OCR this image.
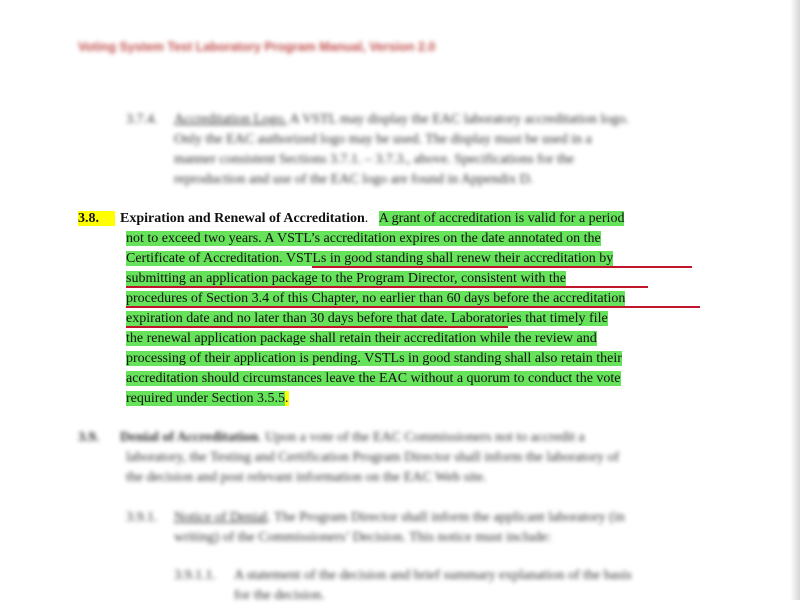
Voting System Test Laboratory Program Manual, Version 2.0
3.7.4. Accreditation Logo. A VSTL may display the EAC laboratory accreditation logo.
Only the EAC authorized logo may be used. The display must be used in a
manner consistent Sections 3.7.1. – 3.7.3., above. Specifications for the
reproduction and use of the EAC logo are found in Appendix D.
3.8.	Expiration and Renewal of Accreditation. A grant of accreditation is valid for a period
not to exceed two years. A VSTL’s accreditation expires on the date annotated on the
Certificate of Accreditation. VSTLs in good standing shall renew their accreditation by
submitting an application package to the Program Director, consistent with the
procedures of Section 3.4 of this Chapter, no earlier than 60 days before the accreditation
expiration date and no later than 30 days before that date. Laboratories that timely file
the renewal application package shall retain their accreditation while the review and
processing of their application is pending. VSTLs in good standing shall also retain their
accreditation should circumstances leave the EAC without a quorum to conduct the vote
required under Section 3.5.5.
3.9. Denial of Accreditation. Upon a vote of the EAC Commissioners not to accredit a
laboratory, the Testing and Certification Program Director shall inform the laboratory of
the decision and post relevant information on the EAC Web site.
3.9.1. Notice of Denial. The Program Director shall inform the applicant laboratory (in
writing) of the Commissioners’ Decision. This notice must include:
3.9.1.1. A statement of the decision and brief summary explanation of the basis
for the decision.
